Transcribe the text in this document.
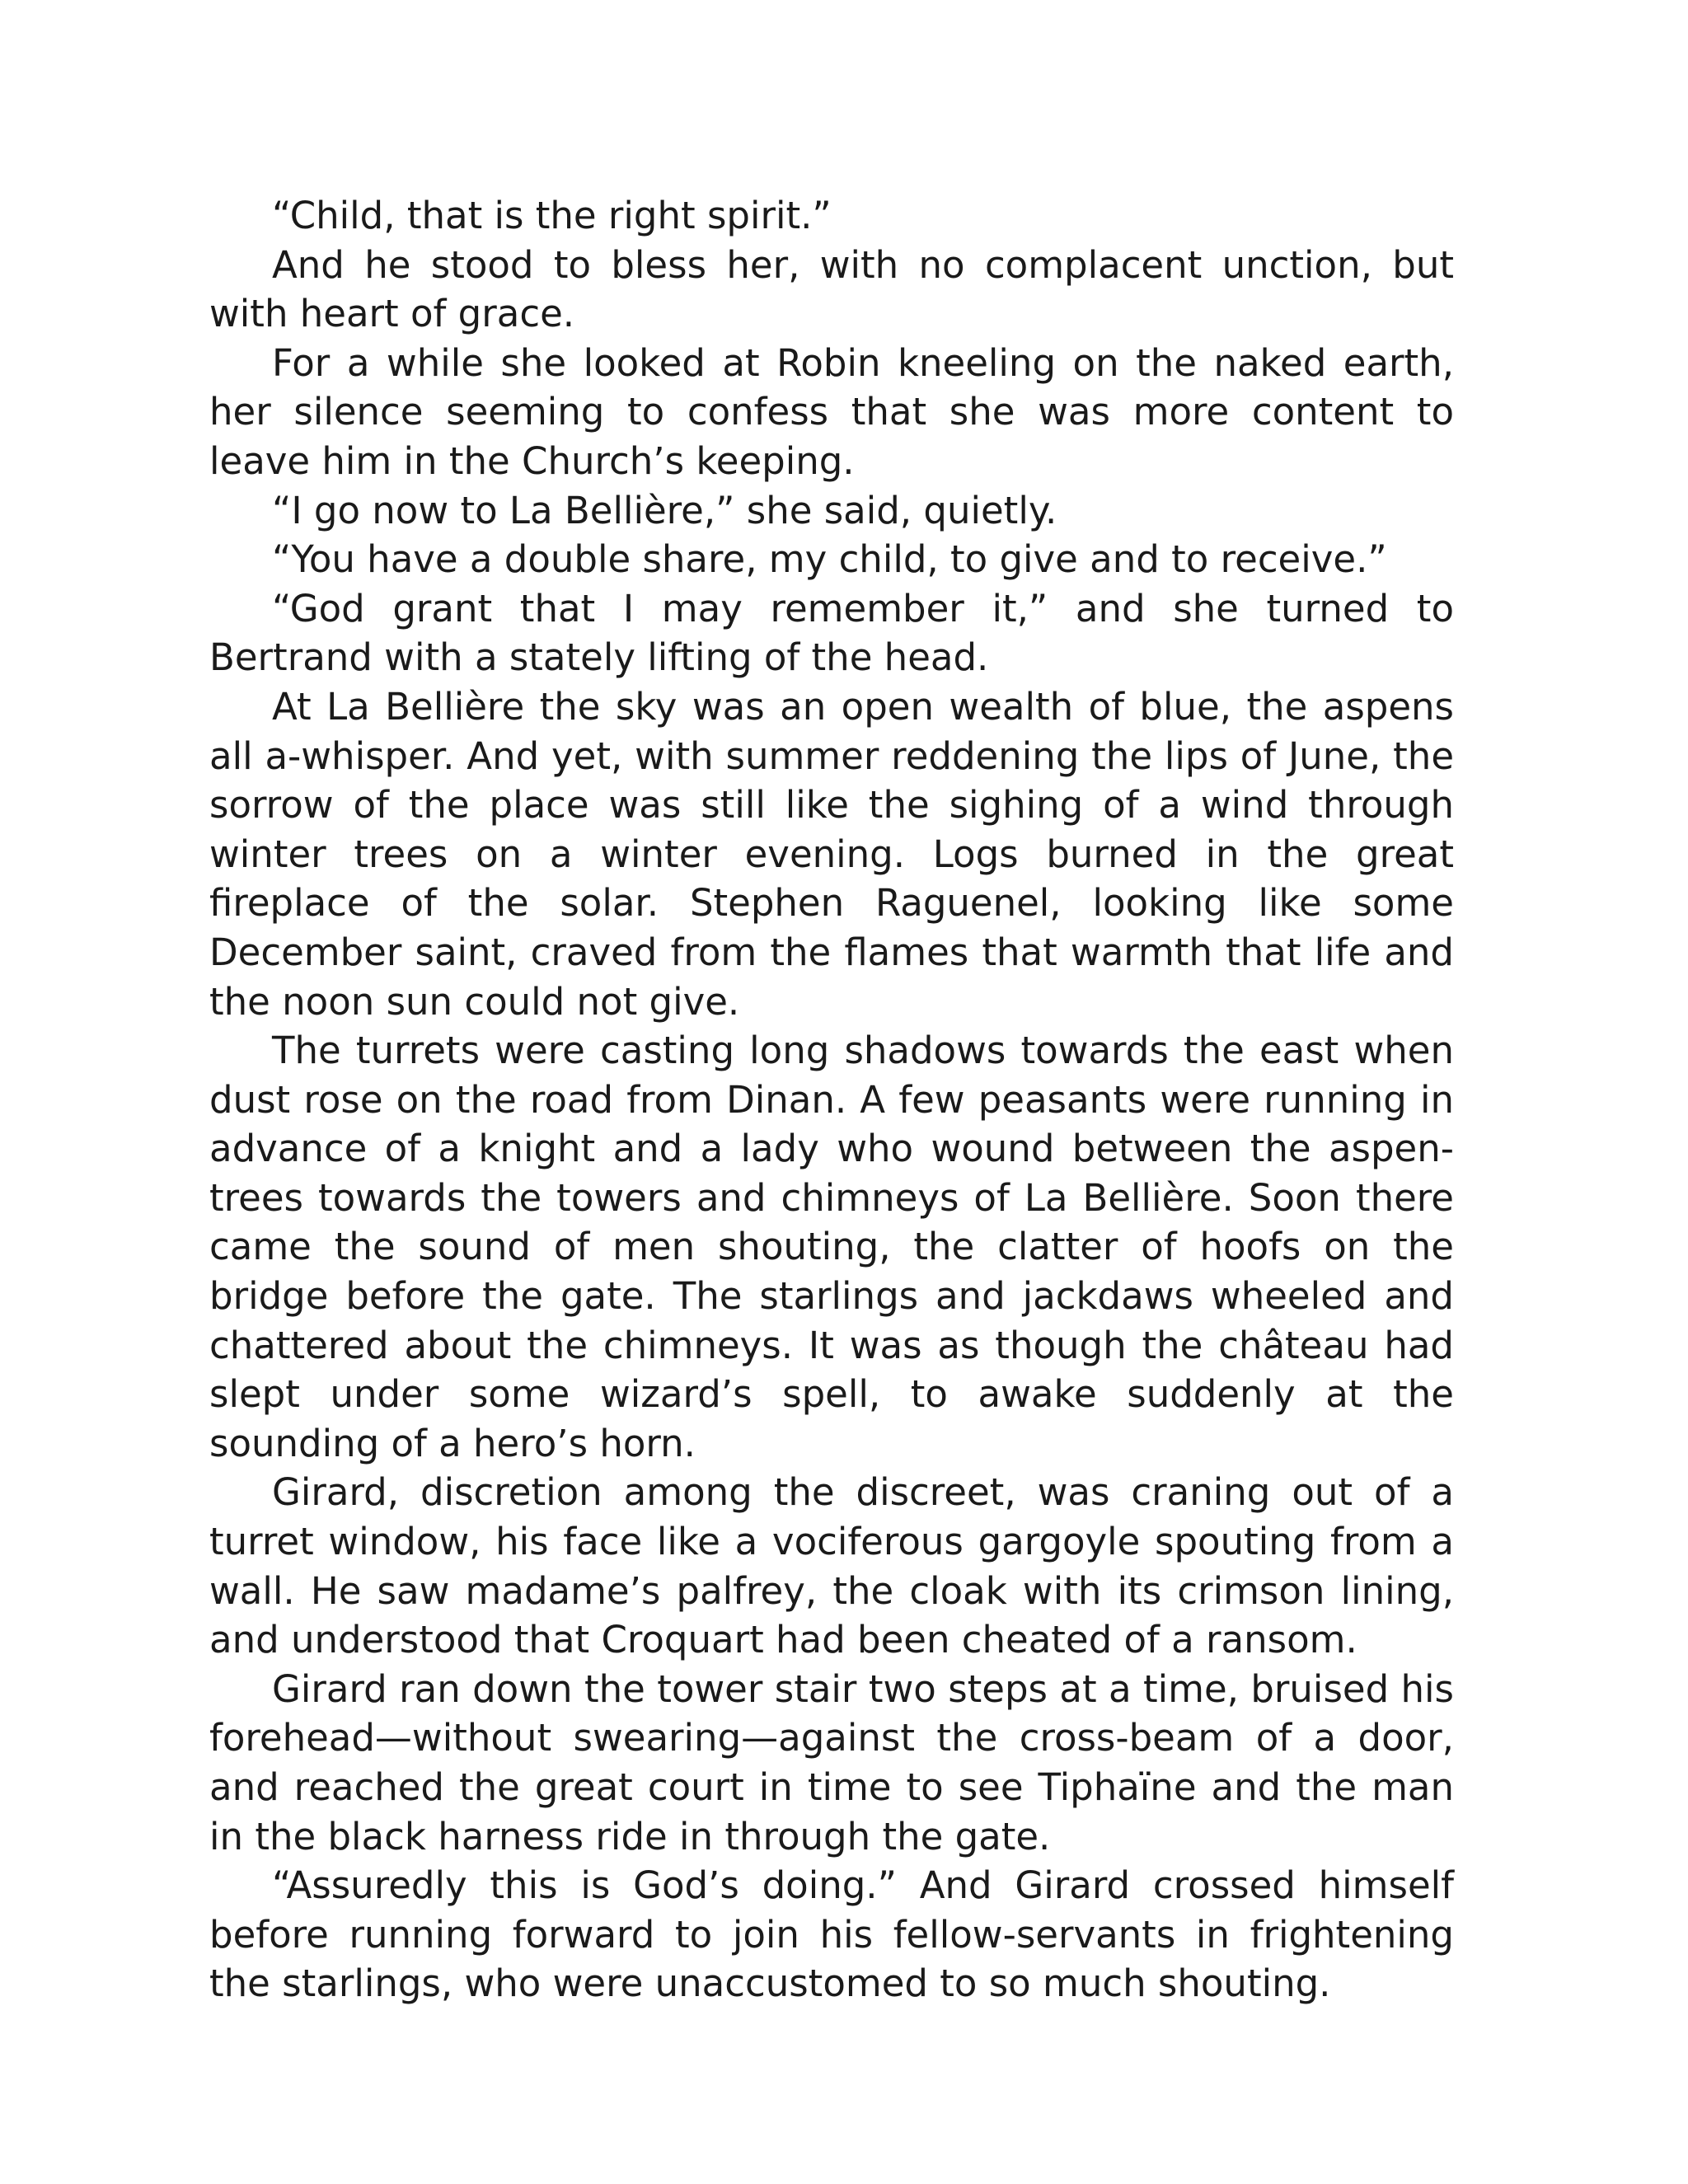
“Child, that is the right spirit.”

And he stood to bless her, with no complacent unction, but with heart of grace.

For a while she looked at Robin kneeling on the naked earth, her silence seeming to confess that she was more content to leave him in the Church’s keeping.

“I go now to La Bellière,” she said, quietly.

“You have a double share, my child, to give and to receive.”

“God grant that I may remember it,” and she turned to Bertrand with a stately lifting of the head.

At La Bellière the sky was an open wealth of blue, the aspens all a-whisper. And yet, with summer reddening the lips of June, the sorrow of the place was still like the sighing of a wind through winter trees on a winter evening. Logs burned in the great fireplace of the solar. Stephen Raguenel, looking like some December saint, craved from the flames that warmth that life and the noon sun could not give.

The turrets were casting long shadows towards the east when dust rose on the road from Dinan. A few peasants were running in advance of a knight and a lady who wound between the aspen-trees towards the towers and chimneys of La Bellière. Soon there came the sound of men shouting, the clatter of hoofs on the bridge before the gate. The starlings and jackdaws wheeled and chattered about the chimneys. It was as though the château had slept under some wizard’s spell, to awake suddenly at the sounding of a hero’s horn.

Girard, discretion among the discreet, was craning out of a turret window, his face like a vociferous gargoyle spouting from a wall. He saw madame’s palfrey, the cloak with its crimson lining, and understood that Croquart had been cheated of a ransom.

Girard ran down the tower stair two steps at a time, bruised his forehead—without swearing—against the cross-beam of a door, and reached the great court in time to see Tiphaïne and the man in the black harness ride in through the gate.

“Assuredly this is God’s doing.” And Girard crossed himself before running forward to join his fellow-servants in frightening the starlings, who were unaccustomed to so much shouting.
